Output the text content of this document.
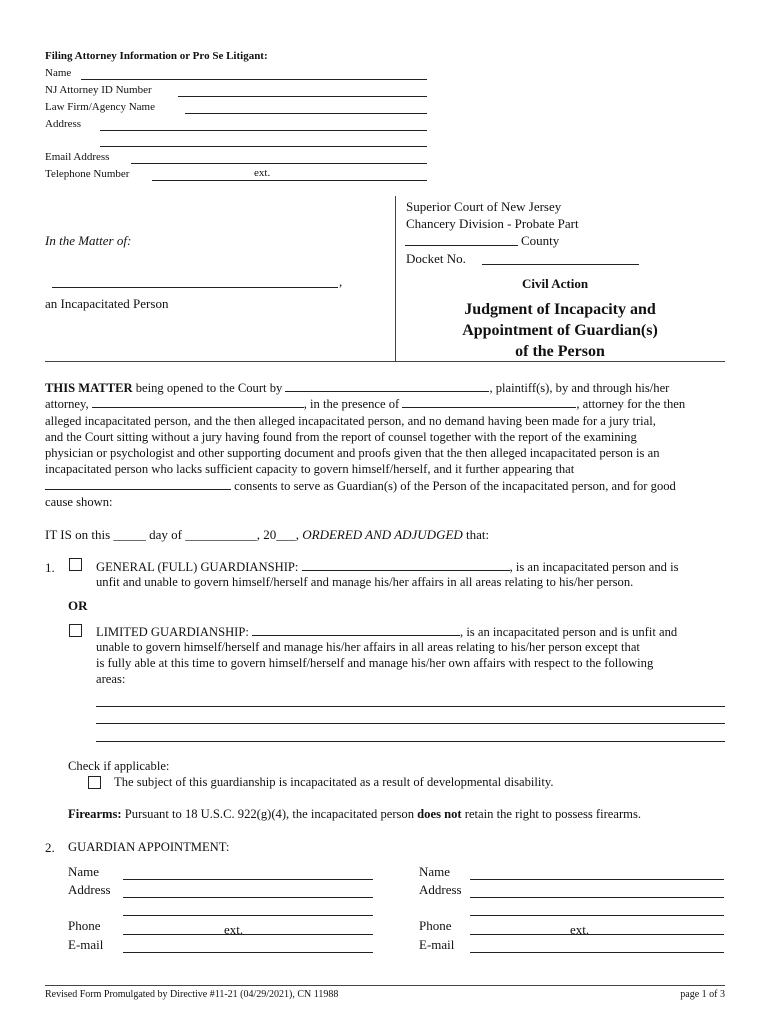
Filing Attorney Information or Pro Se Litigant:
Name
NJ Attorney ID Number
Law Firm/Agency Name
Address
Email Address
Telephone Number	ext.
In the Matter of:
,
an Incapacitated Person
Superior Court of New Jersey
Chancery Division - Probate Part
County
Docket No.
Civil Action
Judgment of Incapacity and
Appointment of Guardian(s)
of the Person
THIS MATTER being opened to the Court by	, plaintiff(s), by and through his/her
attorney,	, in the presence of	, attorney for the then
alleged incapacitated person, and the then alleged incapacitated person, and no demand having been made for a jury trial,
and the Court sitting without a jury having found from the report of counsel together with the report of the examining
physician or psychologist and other supporting document and proofs given that the then alleged incapacitated person is an
incapacitated person who lacks sufficient capacity to govern himself/herself, and it further appearing that
consents to serve as Guardian(s) of the Person of the incapacitated person, and for good
cause shown:
IT IS on this _____ day of ___________, 20___, ORDERED AND ADJUDGED that:
1.	GENERAL (FULL) GUARDIANSHIP:	, is an incapacitated person and is
unfit and unable to govern himself/herself and manage his/her affairs in all areas relating to his/her person.
OR
LIMITED GUARDIANSHIP:	, is an incapacitated person and is unfit and
unable to govern himself/herself and manage his/her affairs in all areas relating to his/her person except that
is fully able at this time to govern himself/herself and manage his/her own affairs with respect to the following
areas:
Check if applicable:
The subject of this guardianship is incapacitated as a result of developmental disability.
Firearms: Pursuant to 18 U.S.C. 922(g)(4), the incapacitated person does not retain the right to possess firearms.
2. GUARDIAN APPOINTMENT:
Name
Address
Phone	ext.
E-mail
Name
Address
Phone	ext.
E-mail
Revised Form Promulgated by Directive #11-21 (04/29/2021), CN 11988	page 1 of 3
